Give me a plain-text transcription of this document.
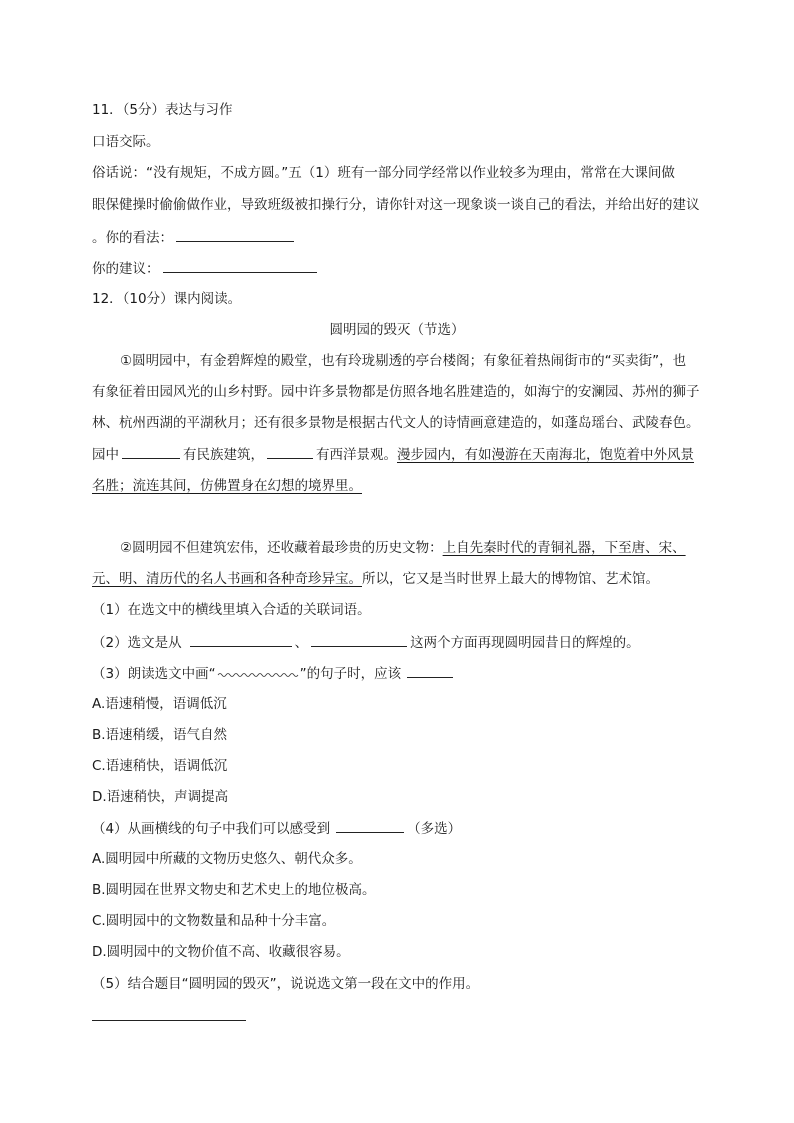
11．（5分）表达与习作
口语交际。
俗话说：“没有规矩，不成方圆。”五（1）班有一部分同学经常以作业较多为理由，常常在大课间做
眼保健操时偷偷做作业，导致班级被扣操行分，请你针对这一现象谈一谈自己的看法，并给出好的建议
。你的看法：
你的建议：
12．（10分）课内阅读。
圆明园的毁灭（节选）
①圆明园中，有金碧辉煌的殿堂，也有玲珑剔透的亭台楼阁；有象征着热闹街市的“买卖街”，也
有象征着田园风光的山乡村野。园中许多景物都是仿照各地名胜建造的，如海宁的安澜园、苏州的狮子
林、杭州西湖的平湖秋月；还有很多景物是根据古代文人的诗情画意建造的，如蓬岛瑶台、武陵春色。
园中	有民族建筑，	有西洋景观。漫步园内，有如漫游在天南海北，饱览着中外风景
名胜；流连其间，仿佛置身在幻想的境界里。
②圆明园不但建筑宏伟，还收藏着最珍贵的历史文物：上自先秦时代的青铜礼器，下至唐、宋、
元、明、清历代的名人书画和各种奇珍异宝。所以，它又是当时世界上最大的博物馆、艺术馆。
（1）在选文中的横线里填入合适的关联词语。
（2）选文是从	、	这两个方面再现圆明园昔日的辉煌的。
（3）朗读选文中画“	”的句子时，应该
A.语速稍慢，语调低沉
B.语速稍缓，语气自然
C.语速稍快，语调低沉
D.语速稍快，声调提高
（4）从画横线的句子中我们可以感受到	（多选）
A.圆明园中所藏的文物历史悠久、朝代众多。
B.圆明园在世界文物史和艺术史上的地位极高。
C.圆明园中的文物数量和品种十分丰富。
D.圆明园中的文物价值不高、收藏很容易。
（5）结合题目“圆明园的毁灭”，说说选文第一段在文中的作用。
